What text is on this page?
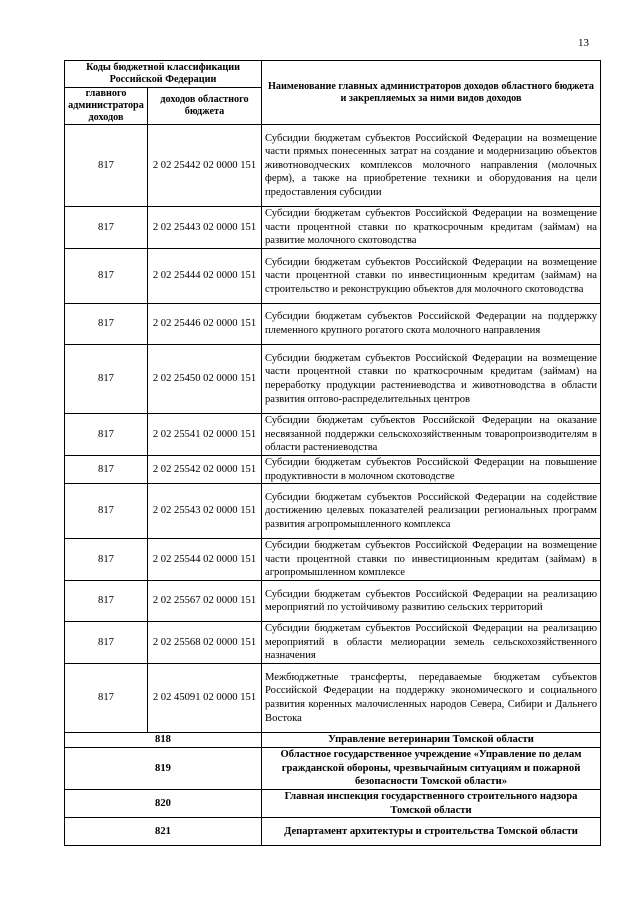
13
Коды бюджетной классификации Российской Федерации		Наименование главных администраторов доходов областного бюджета и закрепляемых за ними видов доходов
главного администратора доходов	доходов областного бюджета	
817	2 02 25442 02 0000 151	Субсидии бюджетам субъектов Российской Федерации на возмещение части прямых понесенных затрат на создание и модернизацию объектов животноводческих комплексов молочного направления (молочных ферм), а также на приобретение техники и оборудования на цели предоставления субсидии
817	2 02 25443 02 0000 151	Субсидии бюджетам субъектов Российской Федерации на возмещение части процентной ставки по краткосрочным кредитам (займам) на развитие молочного скотоводства
817	2 02 25444 02 0000 151	Субсидии бюджетам субъектов Российской Федерации на возмещение части процентной ставки по инвестиционным кредитам (займам) на строительство и реконструкцию объектов для молочного скотоводства
817	2 02 25446 02 0000 151	Субсидии бюджетам субъектов Российской Федерации на поддержку племенного крупного рогатого скота молочного направления
817	2 02 25450 02 0000 151	Субсидии бюджетам субъектов Российской Федерации на возмещение части процентной ставки по краткосрочным кредитам (займам) на переработку продукции растениеводства и животноводства в области развития оптово-распределительных центров
817	2 02 25541 02 0000 151	Субсидии бюджетам субъектов Российской Федерации на оказание несвязанной поддержки сельскохозяйственным товаропроизводителям в области растениеводства
817	2 02 25542 02 0000 151	Субсидии бюджетам субъектов Российской Федерации на повышение продуктивности в молочном скотоводстве
817	2 02 25543 02 0000 151	Субсидии бюджетам субъектов Российской Федерации на содействие достижению целевых показателей реализации региональных программ развития агропромышленного комплекса
817	2 02 25544 02 0000 151	Субсидии бюджетам субъектов Российской Федерации на возмещение части процентной ставки по инвестиционным кредитам (займам) в агропромышленном комплексе
817	2 02 25567 02 0000 151	Субсидии бюджетам субъектов Российской Федерации на реализацию мероприятий по устойчивому развитию сельских территорий
817	2 02 25568 02 0000 151	Субсидии бюджетам субъектов Российской Федерации на реализацию мероприятий в области мелиорации земель сельскохозяйственного назначения
817	2 02 45091 02 0000 151	Межбюджетные трансферты, передаваемые бюджетам субъектов Российской Федерации на поддержку экономического и социального развития коренных малочисленных народов Севера, Сибири и Дальнего Востока
818		Управление ветеринарии Томской области
819		Областное государственное учреждение «Управление по делам гражданской обороны, чрезвычайным ситуациям и пожарной безопасности Томской области»
820		Главная инспекция государственного строительного надзора Томской области
821		Департамент архитектуры и строительства Томской области
